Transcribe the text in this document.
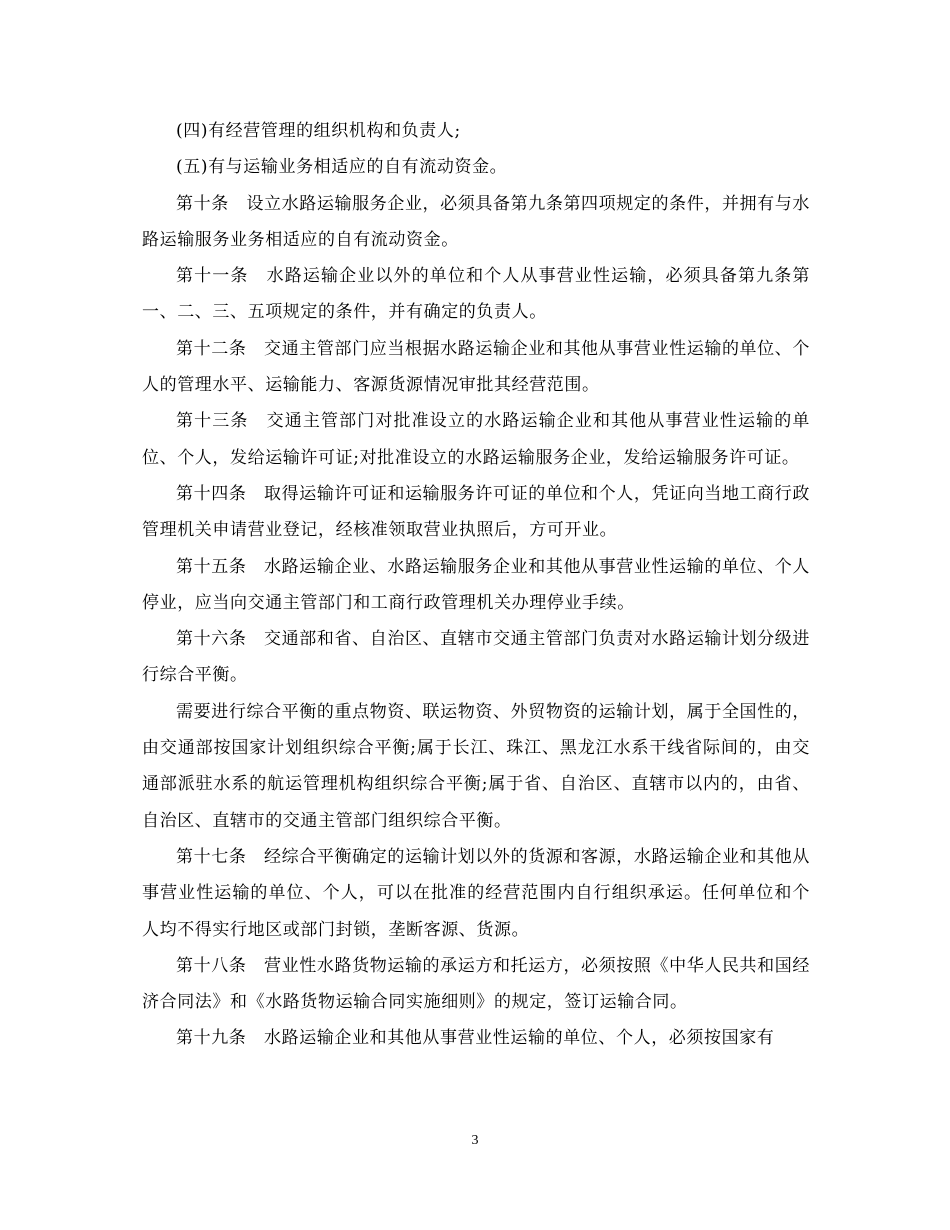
(四)有经营管理的组织机构和负责人;

(五)有与运输业务相适应的自有流动资金。

第十条　设立水路运输服务企业，必须具备第九条第四项规定的条件，并拥有与水路运输服务业务相适应的自有流动资金。

第十一条　水路运输企业以外的单位和个人从事营业性运输，必须具备第九条第一、二、三、五项规定的条件，并有确定的负责人。

第十二条　交通主管部门应当根据水路运输企业和其他从事营业性运输的单位、个人的管理水平、运输能力、客源货源情况审批其经营范围。

第十三条　交通主管部门对批准设立的水路运输企业和其他从事营业性运输的单位、个人，发给运输许可证;对批准设立的水路运输服务企业，发给运输服务许可证。

第十四条　取得运输许可证和运输服务许可证的单位和个人，凭证向当地工商行政管理机关申请营业登记，经核准领取营业执照后，方可开业。

第十五条　水路运输企业、水路运输服务企业和其他从事营业性运输的单位、个人停业，应当向交通主管部门和工商行政管理机关办理停业手续。

第十六条　交通部和省、自治区、直辖市交通主管部门负责对水路运输计划分级进行综合平衡。

需要进行综合平衡的重点物资、联运物资、外贸物资的运输计划，属于全国性的，由交通部按国家计划组织综合平衡;属于长江、珠江、黑龙江水系干线省际间的，由交通部派驻水系的航运管理机构组织综合平衡;属于省、自治区、直辖市以内的，由省、自治区、直辖市的交通主管部门组织综合平衡。

第十七条　经综合平衡确定的运输计划以外的货源和客源，水路运输企业和其他从事营业性运输的单位、个人，可以在批准的经营范围内自行组织承运。任何单位和个人均不得实行地区或部门封锁，垄断客源、货源。

第十八条　营业性水路货物运输的承运方和托运方，必须按照《中华人民共和国经济合同法》和《水路货物运输合同实施细则》的规定，签订运输合同。

第十九条　水路运输企业和其他从事营业性运输的单位、个人，必须按国家有

3
